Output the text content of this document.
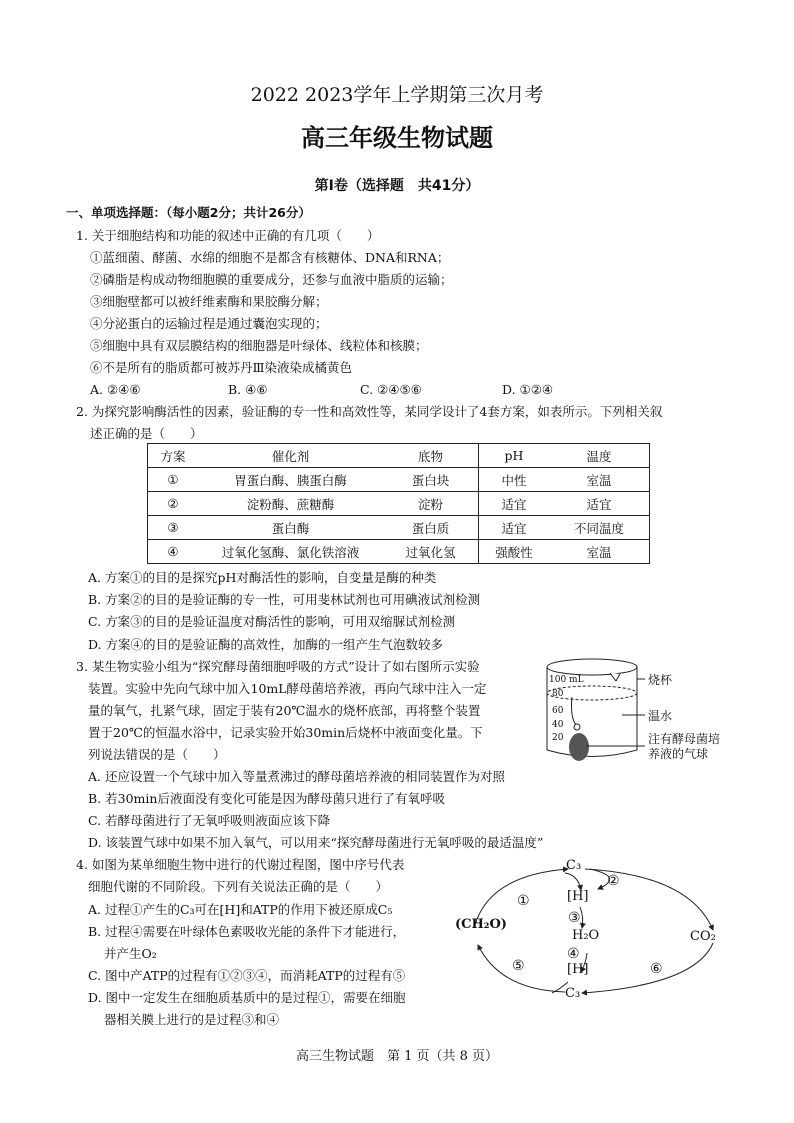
2022 2023学年上学期第三次月考
高三年级生物试题
第Ⅰ卷（选择题　共41分）
一、单项选择题：（每小题2分；共计26分）
1. 关于细胞结构和功能的叙述中正确的有几项（　　）
①蓝细菌、酵菌、水绵的细胞不是都含有核糖体、DNA和RNA；
②磷脂是构成动物细胞膜的重要成分，还参与血液中脂质的运输；
③细胞壁都可以被纤维素酶和果胶酶分解；
④分泌蛋白的运输过程是通过囊泡实现的；
⑤细胞中具有双层膜结构的细胞器是叶绿体、线粒体和核膜；
⑥不是所有的脂质都可被苏丹Ⅲ染液染成橘黄色
A. ②④⑥	B. ④⑥	C. ②④⑤⑥	D. ①②④
2. 为探究影响酶活性的因素，验证酶的专一性和高效性等，某同学设计了4套方案，如表所示。下列相关叙
述正确的是（　　）
方案	催化剂	底物	pH	温度
①	胃蛋白酶、胰蛋白酶	蛋白块	中性	室温
②	淀粉酶、蔗糖酶	淀粉	适宜	适宜
③	蛋白酶	蛋白质	适宜	不同温度
④	过氧化氢酶、氯化铁溶液	过氧化氢	强酸性	室温
A. 方案①的目的是探究pH对酶活性的影响，自变量是酶的种类
B. 方案②的目的是验证酶的专一性，可用斐林试剂也可用碘液试剂检测
C. 方案③的目的是验证温度对酶活性的影响，可用双缩脲试剂检测
D. 方案④的目的是验证酶的高效性，加酶的一组产生气泡数较多
3. 某生物实验小组为“探究酵母菌细胞呼吸的方式”设计了如右图所示实验
装置。实验中先向气球中加入10mL酵母菌培养液，再向气球中注入一定
量的氧气，扎紧气球，固定于装有20℃温水的烧杯底部，再将整个装置
置于20℃的恒温水浴中，记录实验开始30min后烧杯中液面变化量。下
列说法错误的是（　　）
100 mL
80
60
40
20
烧杯
温水
注有酵母菌培
养液的气球
A. 还应设置一个气球中加入等量煮沸过的酵母菌培养液的相同装置作为对照
B. 若30min后液面没有变化可能是因为酵母菌只进行了有氧呼吸
C. 若酵母菌进行了无氧呼吸则液面应该下降
D. 该装置气球中如果不加入氧气，可以用来“探究酵母菌进行无氧呼吸的最适温度”
4. 如图为某单细胞生物中进行的代谢过程图，图中序号代表
细胞代谢的不同阶段。下列有关说法正确的是（　　）
A. 过程①产生的C₃可在[H]和ATP的作用下被还原成C₅
B. 过程④需要在叶绿体色素吸收光能的条件下才能进行，
并产生O₂
C. 图中产ATP的过程有①②③④，而消耗ATP的过程有⑤
D. 图中一定发生在细胞质基质中的是过程①，需要在细胞
器相关膜上进行的是过程③和④
C₃
[H]
H₂O
[H]
C₃
(CH₂O)
CO₂
①
②
③
④
⑤	⑥
高三生物试题　第 1 页（共 8 页）
